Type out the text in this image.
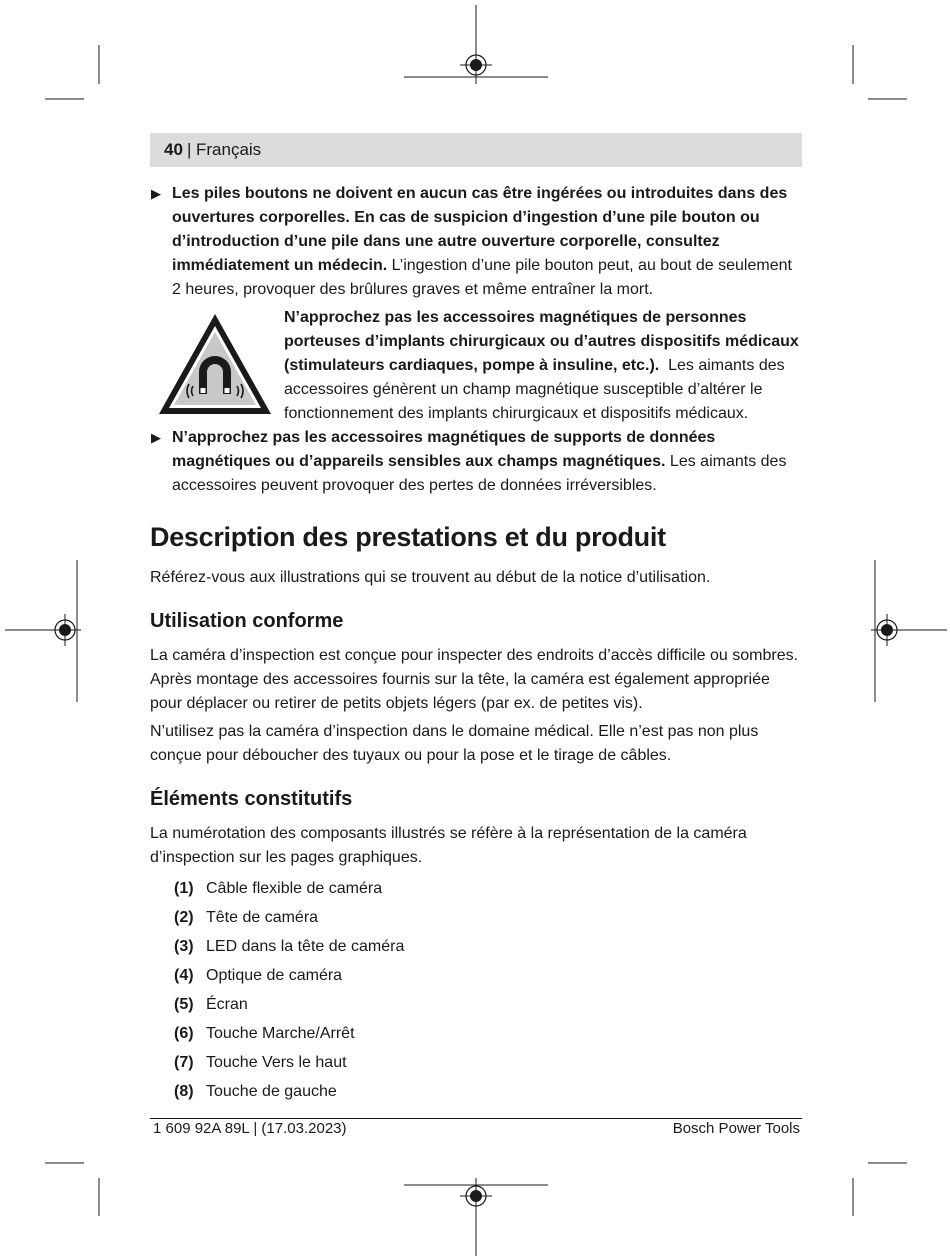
40 | Français

▶ Les piles boutons ne doivent en aucun cas être ingérées ou introduites dans des ouvertures corporelles. En cas de suspicion d’ingestion d’une pile bouton ou d’introduction d’une pile dans une autre ouverture corporelle, consultez immédiatement un médecin. L’ingestion d’une pile bouton peut, au bout de seulement 2 heures, provoquer des brûlures graves et même entraîner la mort.

N’approchez pas les accessoires magnétiques de personnes porteuses d’implants chirurgicaux ou d’autres dispositifs médicaux (stimulateurs cardiaques, pompe à insuline, etc.).  Les aimants des accessoires génèrent un champ magnétique susceptible d’altérer le fonctionnement des implants chirurgicaux et dispositifs médicaux.

▶ N’approchez pas les accessoires magnétiques de supports de données magnétiques ou d’appareils sensibles aux champs magnétiques. Les aimants des accessoires peuvent provoquer des pertes de données irréversibles.

Description des prestations et du produit

Référez-vous aux illustrations qui se trouvent au début de la notice d’utilisation.

Utilisation conforme

La caméra d’inspection est conçue pour inspecter des endroits d’accès difficile ou sombres. Après montage des accessoires fournis sur la tête, la caméra est également appropriée pour déplacer ou retirer de petits objets légers (par ex. de petites vis).

N’utilisez pas la caméra d’inspection dans le domaine médical. Elle n’est pas non plus conçue pour déboucher des tuyaux ou pour la pose et le tirage de câbles.

Éléments constitutifs

La numérotation des composants illustrés se réfère à la représentation de la caméra d’inspection sur les pages graphiques.

(1) Câble flexible de caméra
(2) Tête de caméra
(3) LED dans la tête de caméra
(4) Optique de caméra
(5) Écran
(6) Touche Marche/Arrêt
(7) Touche Vers le haut
(8) Touche de gauche
1 609 92A 89L | (17.03.2023)	Bosch Power Tools
